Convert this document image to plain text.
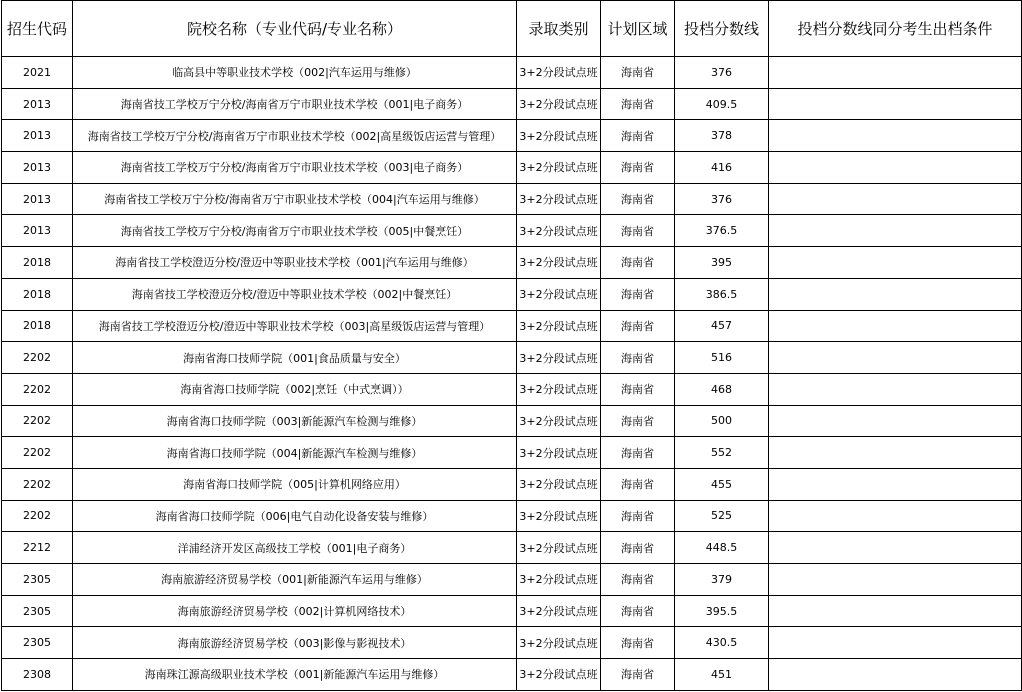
招生代码	院校名称（专业代码/专业名称）	录取类别	计划区域	投档分数线	投档分数线同分考生出档条件
2021	临高县中等职业技术学校（002|汽车运用与维修）	3+2分段试点班	海南省	376	
2013	海南省技工学校万宁分校/海南省万宁市职业技术学校（001|电子商务）	3+2分段试点班	海南省	409.5	
2013	海南省技工学校万宁分校/海南省万宁市职业技术学校（002|高星级饭店运营与管理）	3+2分段试点班	海南省	378	
2013	海南省技工学校万宁分校/海南省万宁市职业技术学校（003|电子商务）	3+2分段试点班	海南省	416	
2013	海南省技工学校万宁分校/海南省万宁市职业技术学校（004|汽车运用与维修）	3+2分段试点班	海南省	376	
2013	海南省技工学校万宁分校/海南省万宁市职业技术学校（005|中餐烹饪）	3+2分段试点班	海南省	376.5	
2018	海南省技工学校澄迈分校/澄迈中等职业技术学校（001|汽车运用与维修）	3+2分段试点班	海南省	395	
2018	海南省技工学校澄迈分校/澄迈中等职业技术学校（002|中餐烹饪）	3+2分段试点班	海南省	386.5	
2018	海南省技工学校澄迈分校/澄迈中等职业技术学校（003|高星级饭店运营与管理）	3+2分段试点班	海南省	457	
2202	海南省海口技师学院（001|食品质量与安全）	3+2分段试点班	海南省	516	
2202	海南省海口技师学院（002|烹饪（中式烹调））	3+2分段试点班	海南省	468	
2202	海南省海口技师学院（003|新能源汽车检测与维修）	3+2分段试点班	海南省	500	
2202	海南省海口技师学院（004|新能源汽车检测与维修）	3+2分段试点班	海南省	552	
2202	海南省海口技师学院（005|计算机网络应用）	3+2分段试点班	海南省	455	
2202	海南省海口技师学院（006|电气自动化设备安装与维修）	3+2分段试点班	海南省	525	
2212	洋浦经济开发区高级技工学校（001|电子商务）	3+2分段试点班	海南省	448.5	
2305	海南旅游经济贸易学校（001|新能源汽车运用与维修）	3+2分段试点班	海南省	379	
2305	海南旅游经济贸易学校（002|计算机网络技术）	3+2分段试点班	海南省	395.5	
2305	海南旅游经济贸易学校（003|影像与影视技术）	3+2分段试点班	海南省	430.5	
2308	海南珠江源高级职业技术学校（001|新能源汽车运用与维修）	3+2分段试点班	海南省	451	
